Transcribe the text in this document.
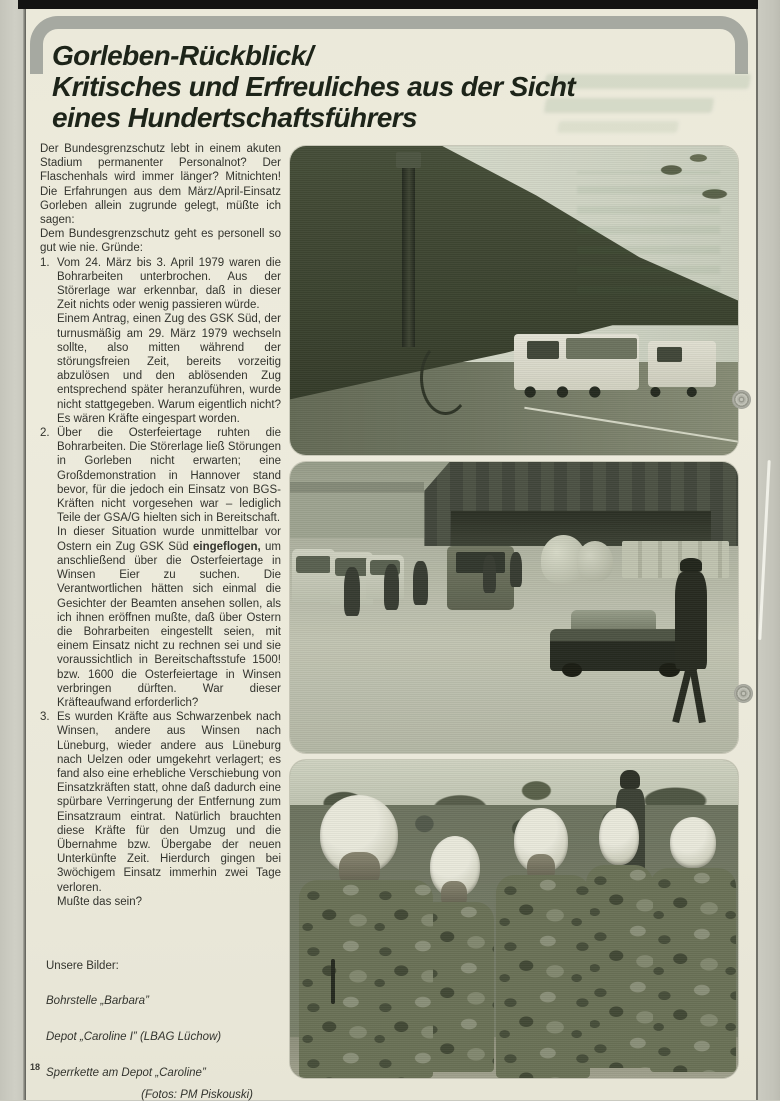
Gorleben-Rückblick/
Kritisches und Erfreuliches aus der Sicht
eines Hundertschaftsführers

Der Bundesgrenzschutz lebt in einem akuten Stadium permanenter Personalnot? Der Flaschenhals wird immer länger? Mitnichten! Die Erfahrungen aus dem März/April-Einsatz Gorleben allein zugrunde gelegt, müßte ich sagen:

Dem Bundesgrenzschutz geht es personell so gut wie nie. Gründe:

1. Vom 24. März bis 3. April 1979 waren die Bohrarbeiten unterbrochen. Aus der Störerlage war erkennbar, daß in dieser Zeit nichts oder wenig passieren würde.
Einem Antrag, einen Zug des GSK Süd, der turnusmäßig am 29. März 1979 wechseln sollte, also mitten während der störungsfreien Zeit, bereits vorzeitig abzulösen und den ablösenden Zug entsprechend später heranzuführen, wurde nicht stattgegeben. Warum eigentlich nicht? Es wären Kräfte eingespart worden.
2. Über die Osterfeiertage ruhten die Bohrarbeiten. Die Störerlage ließ Störungen in Gorleben nicht erwarten; eine Großdemonstration in Hannover stand bevor, für die jedoch ein Einsatz von BGS-Kräften nicht vorgesehen war – lediglich Teile der GSA/G hielten sich in Bereitschaft.
In dieser Situation wurde unmittelbar vor Ostern ein Zug GSK Süd eingeflogen, um anschließend über die Osterfeiertage in Winsen Eier zu suchen. Die Verantwortlichen hätten sich einmal die Gesichter der Beamten ansehen sollen, als ich ihnen eröffnen mußte, daß über Ostern die Bohrarbeiten eingestellt seien, mit einem Einsatz nicht zu rechnen sei und sie voraussichtlich in Bereitschaftsstufe 1500! bzw. 1600 die Osterfeiertage in Winsen verbringen dürften. War dieser Kräfteaufwand erforderlich?
3. Es wurden Kräfte aus Schwarzenbek nach Winsen, andere aus Winsen nach Lüneburg, wieder andere aus Lüneburg nach Uelzen oder umgekehrt verlagert; es fand also eine erhebliche Verschiebung von Einsatzkräften statt, ohne daß dadurch eine spürbare Verringerung der Entfernung zum Einsatzraum eintrat. Natürlich brauchten diese Kräfte für den Umzug und die Übernahme bzw. Übergabe der neuen Unterkünfte Zeit. Hierdurch gingen bei 3wöchigem Einsatz immerhin zwei Tage verloren.
Mußte das sein?
Unsere Bilder:
Bohrstelle „Barbara”
Depot „Caroline I” (LBAG Lüchow)
Sperrkette am Depot „Caroline”
(Fotos: PM Piskouski)
18
